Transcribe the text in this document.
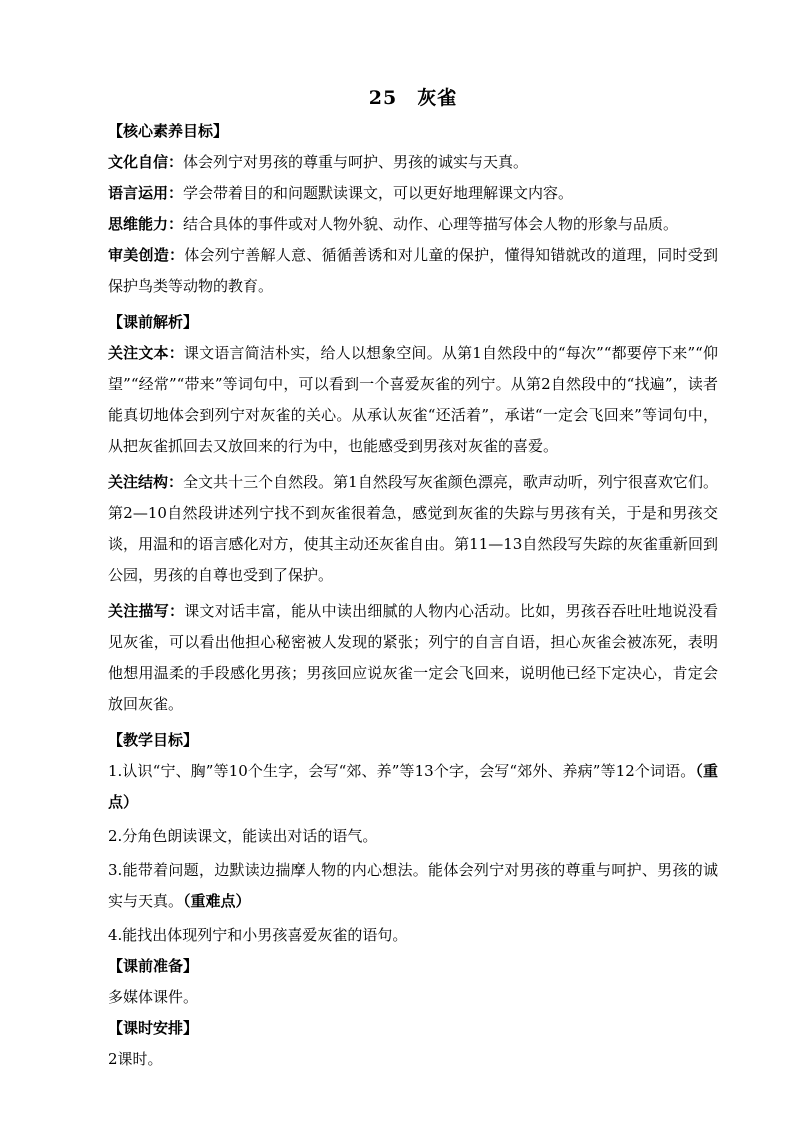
25　灰雀
【核心素养目标】

文化自信：体会列宁对男孩的尊重与呵护、男孩的诚实与天真。

语言运用：学会带着目的和问题默读课文，可以更好地理解课文内容。

思维能力：结合具体的事件或对人物外貌、动作、心理等描写体会人物的形象与品质。

审美创造：体会列宁善解人意、循循善诱和对儿童的保护，懂得知错就改的道理，同时受到保护鸟类等动物的教育。

【课前解析】

关注文本：课文语言简洁朴实，给人以想象空间。从第1自然段中的“每次”“都要停下来”“仰望”“经常”“带来”等词句中，可以看到一个喜爱灰雀的列宁。从第2自然段中的“找遍”，读者能真切地体会到列宁对灰雀的关心。从承认灰雀“还活着”，承诺“一定会飞回来”等词句中，从把灰雀抓回去又放回来的行为中，也能感受到男孩对灰雀的喜爱。

关注结构：全文共十三个自然段。第1自然段写灰雀颜色漂亮，歌声动听，列宁很喜欢它们。第2—10自然段讲述列宁找不到灰雀很着急，感觉到灰雀的失踪与男孩有关，于是和男孩交谈，用温和的语言感化对方，使其主动还灰雀自由。第11—13自然段写失踪的灰雀重新回到公园，男孩的自尊也受到了保护。

关注描写：课文对话丰富，能从中读出细腻的人物内心活动。比如，男孩吞吞吐吐地说没看见灰雀，可以看出他担心秘密被人发现的紧张；列宁的自言自语，担心灰雀会被冻死，表明他想用温柔的手段感化男孩；男孩回应说灰雀一定会飞回来，说明他已经下定决心，肯定会放回灰雀。

【教学目标】

1.认识“宁、胸”等10个生字，会写“郊、养”等13个字，会写“郊外、养病”等12个词语。（重点）

2.分角色朗读课文，能读出对话的语气。

3.能带着问题，边默读边揣摩人物的内心想法。能体会列宁对男孩的尊重与呵护、男孩的诚实与天真。（重难点）

4.能找出体现列宁和小男孩喜爱灰雀的语句。

【课前准备】

多媒体课件。

【课时安排】

2课时。
